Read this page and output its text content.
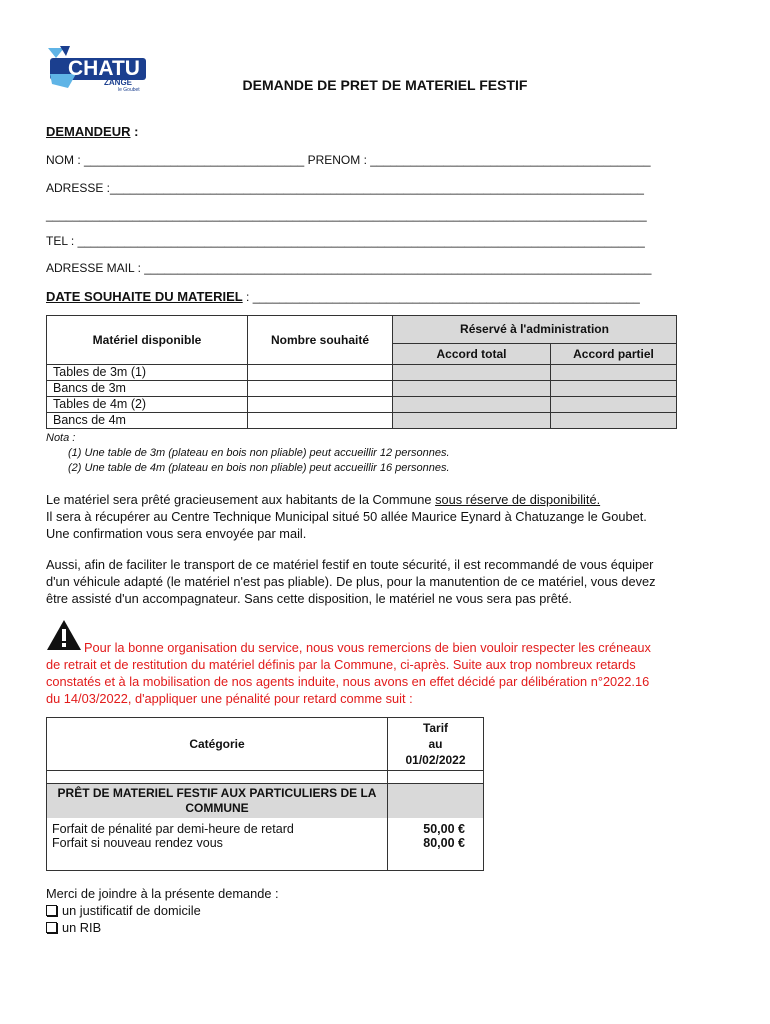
CHATU
ZANGE
le Goubet	DEMANDE DE PRET DE MATERIEL FESTIF
DEMANDEUR :
NOM : _________________________________ PRENOM : __________________________________________
ADRESSE :________________________________________________________________________________
__________________________________________________________________________________________
TEL : _____________________________________________________________________________________
ADRESSE MAIL : ____________________________________________________________________________
DATE SOUHAITE DU MATERIEL : __________________________________________________________
Matériel disponible	Nombre souhaité	Réservé à l'administration	
		Accord total	Accord partiel
Tables de 3m (1)			
Bancs de 3m			
Tables de 4m (2)			
Bancs de 4m			
Nota :
(1) Une table de 3m (plateau en bois non pliable) peut accueillir 12 personnes.
(2) Une table de 4m (plateau en bois non pliable) peut accueillir 16 personnes.
Le matériel sera prêté gracieusement aux habitants de la Commune sous réserve de disponibilité.
Il sera à récupérer au Centre Technique Municipal situé 50 allée Maurice Eynard à Chatuzange le Goubet.
Une confirmation vous sera envoyée par mail.
Aussi, afin de faciliter le transport de ce matériel festif en toute sécurité, il est recommandé de vous équiper
d'un véhicule adapté (le matériel n'est pas pliable). De plus, pour la manutention de ce matériel, vous devez
être assisté d'un accompagnateur. Sans cette disposition, le matériel ne vous sera pas prêté.
Pour la bonne organisation du service, nous vous remercions de bien vouloir respecter les créneaux
de retrait et de restitution du matériel définis par la Commune, ci-après. Suite aux trop nombreux retards
constatés et à la mobilisation de nos agents induite, nous avons en effet décidé par délibération n°2022.16
du 14/03/2022, d'appliquer une pénalité pour retard comme suit :
Catégorie	Tarif
au
01/02/2022

PRÊT DE MATERIEL FESTIF AUX PARTICULIERS DE LA COMMUNE	
Forfait de pénalité par demi-heure de retard	50,00 €
Forfait si nouveau rendez vous	80,00 €

Merci de joindre à la présente demande :
un justificatif de domicile
un RIB
